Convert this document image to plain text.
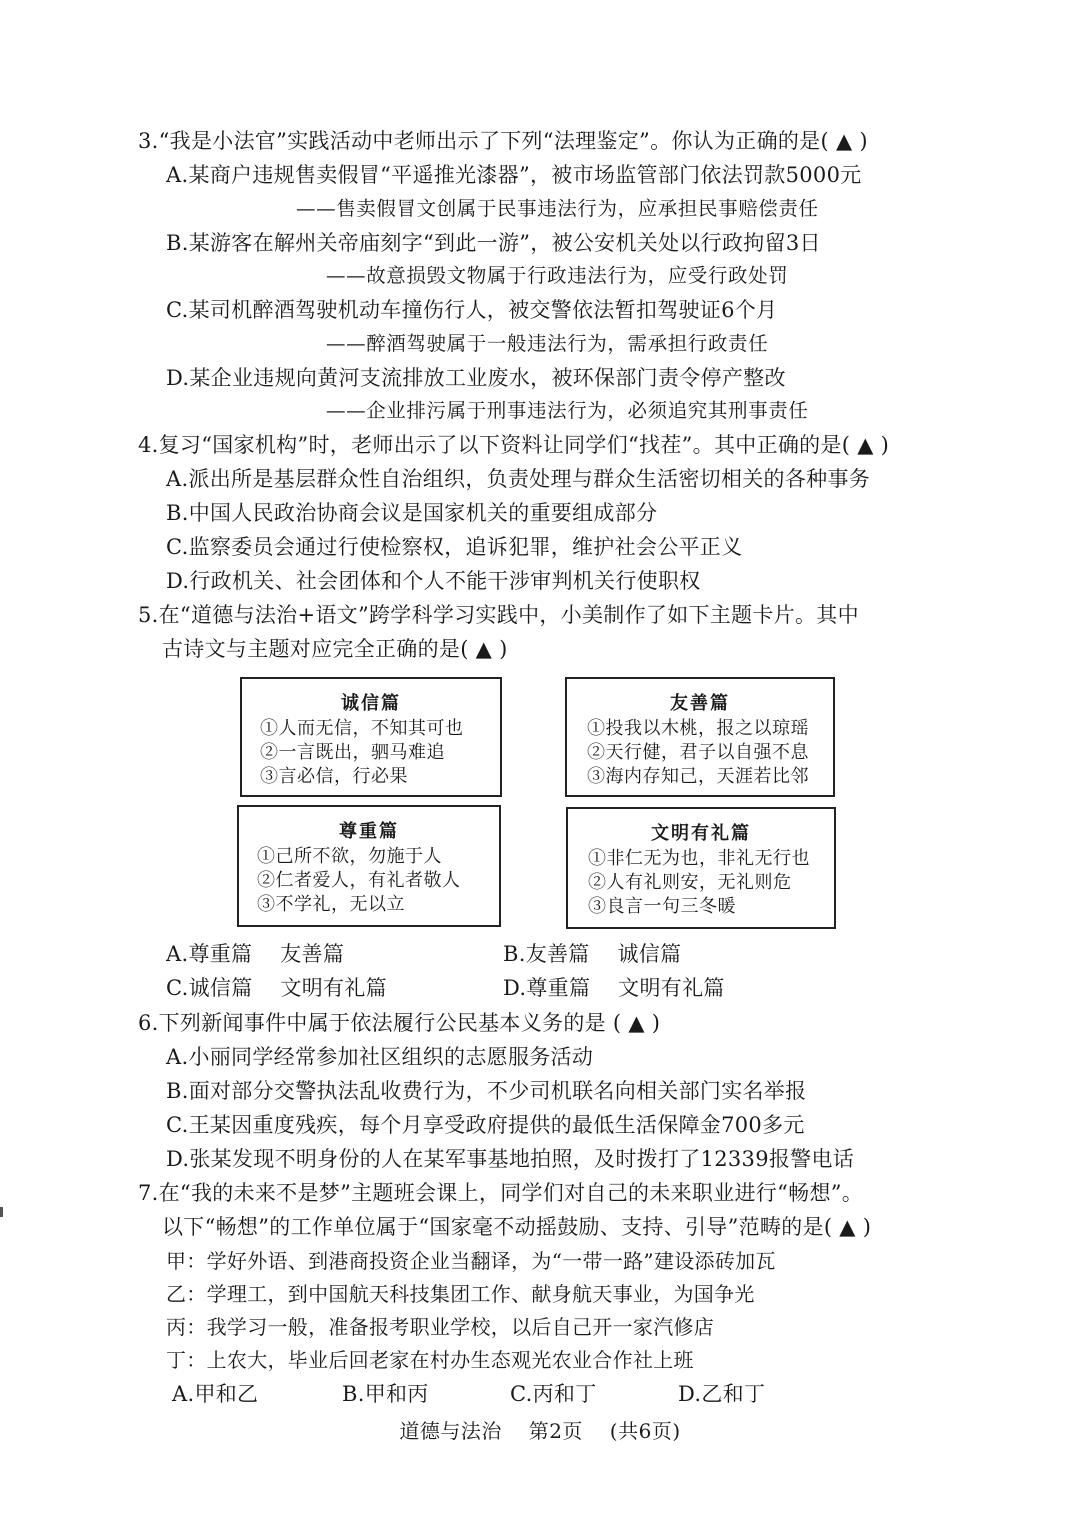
3.“我是小法官”实践活动中老师出示了下列“法理鉴定”。你认为正确的是( ▲ )
A.某商户违规售卖假冒“平遥推光漆器”，被市场监管部门依法罚款5000元
——售卖假冒文创属于民事违法行为，应承担民事赔偿责任
B.某游客在解州关帝庙刻字“到此一游”，被公安机关处以行政拘留3日
——故意损毁文物属于行政违法行为，应受行政处罚
C.某司机醉酒驾驶机动车撞伤行人，被交警依法暂扣驾驶证6个月
——醉酒驾驶属于一般违法行为，需承担行政责任
D.某企业违规向黄河支流排放工业废水，被环保部门责令停产整改
——企业排污属于刑事违法行为，必须追究其刑事责任
4.复习“国家机构”时，老师出示了以下资料让同学们“找茬”。其中正确的是( ▲ )
A.派出所是基层群众性自治组织，负责处理与群众生活密切相关的各种事务
B.中国人民政治协商会议是国家机关的重要组成部分
C.监察委员会通过行使检察权，追诉犯罪，维护社会公平正义
D.行政机关、社会团体和个人不能干涉审判机关行使职权
5.在“道德与法治+语文”跨学科学习实践中，小美制作了如下主题卡片。其中
古诗文与主题对应完全正确的是( ▲ )
诚信篇
①人而无信，不知其可也
②一言既出，驷马难追
③言必信，行必果
友善篇
①投我以木桃，报之以琼瑶
②天行健，君子以自强不息
③海内存知己，天涯若比邻
尊重篇
①己所不欲，勿施于人
②仁者爱人，有礼者敬人
③不学礼，无以立
文明有礼篇
①非仁无为也，非礼无行也
②人有礼则安，无礼则危
③良言一句三冬暖
A.尊重篇    友善篇	B.友善篇    诚信篇
C.诚信篇    文明有礼篇	D.尊重篇    文明有礼篇
6.下列新闻事件中属于依法履行公民基本义务的是 ( ▲ )
A.小丽同学经常参加社区组织的志愿服务活动
B.面对部分交警执法乱收费行为，不少司机联名向相关部门实名举报
C.王某因重度残疾，每个月享受政府提供的最低生活保障金700多元
D.张某发现不明身份的人在某军事基地拍照，及时拨打了12339报警电话
7.在“我的未来不是梦”主题班会课上，同学们对自己的未来职业进行“畅想”。
以下“畅想”的工作单位属于“国家毫不动摇鼓励、支持、引导”范畴的是( ▲ )
甲：学好外语、到港商投资企业当翻译，为“一带一路”建设添砖加瓦
乙：学理工，到中国航天科技集团工作、献身航天事业，为国争光
丙：我学习一般，准备报考职业学校，以后自己开一家汽修店
丁：上农大，毕业后回老家在村办生态观光农业合作社上班
A.甲和乙	B.甲和丙	C.丙和丁	D.乙和丁
道德与法治 第2页 (共6页)
